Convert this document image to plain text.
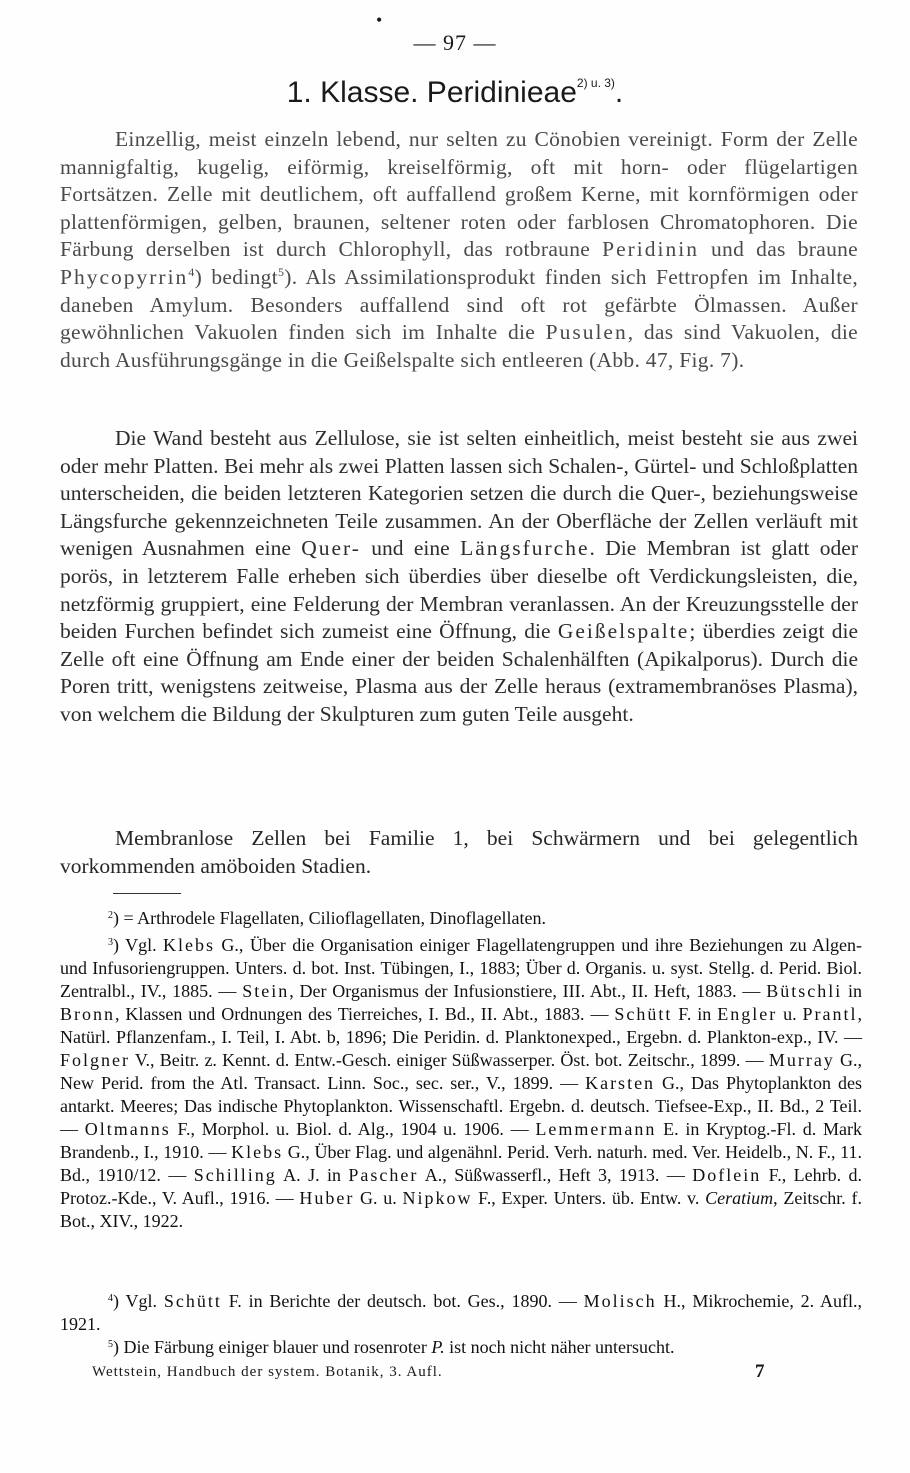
•
— 97 —
1. Klasse. Peridinieae$^{2) u. 3)}$.

Einzellig, meist einzeln lebend, nur selten zu Cönobien vereinigt. Form der Zelle mannigfaltig, kugelig, eiförmig, kreiselförmig, oft mit horn- oder flügelartigen Fortsätzen. Zelle mit deutlichem, oft auffallend großem Kerne, mit kornförmigen oder plattenförmigen, gelben, braunen, seltener roten oder farblosen Chromatophoren. Die Färbung derselben ist durch Chlorophyll, das rotbraune Peridinin und das braune Phycopyrrin$^4$) bedingt$^5$). Als Assimilationsprodukt finden sich Fettropfen im Inhalte, daneben Amylum. Besonders auffallend sind oft rot gefärbte Ölmassen. Außer gewöhnlichen Vakuolen finden sich im Inhalte die Pusulen, das sind Vakuolen, die durch Ausführungsgänge in die Geißelspalte sich entleeren (Abb. 47, Fig. 7).

Die Wand besteht aus Zellulose, sie ist selten einheitlich, meist besteht sie aus zwei oder mehr Platten. Bei mehr als zwei Platten lassen sich Schalen-, Gürtel- und Schloßplatten unterscheiden, die beiden letzteren Kategorien setzen die durch die Quer-, beziehungsweise Längsfurche gekennzeichneten Teile zusammen. An der Oberfläche der Zellen verläuft mit wenigen Ausnahmen eine Quer- und eine Längsfurche. Die Membran ist glatt oder porös, in letzterem Falle erheben sich überdies über dieselbe oft Verdickungsleisten, die, netzförmig gruppiert, eine Felderung der Membran veranlassen. An der Kreuzungsstelle der beiden Furchen befindet sich zumeist eine Öffnung, die Geißelspalte; überdies zeigt die Zelle oft eine Öffnung am Ende einer der beiden Schalenhälften (Apikalporus). Durch die Poren tritt, wenigstens zeitweise, Plasma aus der Zelle heraus (extramembranöses Plasma), von welchem die Bildung der Skulpturen zum guten Teile ausgeht.

Membranlose Zellen bei Familie 1, bei Schwärmern und bei gelegentlich vorkommenden amöboiden Stadien.

$^2$) = Arthrodele Flagellaten, Cilioflagellaten, Dinoflagellaten.

$^3$) Vgl. Klebs G., Über die Organisation einiger Flagellatengruppen und ihre Beziehungen zu Algen- und Infusoriengruppen. Unters. d. bot. Inst. Tübingen, I., 1883; Über d. Organis. u. syst. Stellg. d. Perid. Biol. Zentralbl., IV., 1885. — Stein, Der Organismus der Infusionstiere, III. Abt., II. Heft, 1883. — Bütschli in Bronn, Klassen und Ordnungen des Tierreiches, I. Bd., II. Abt., 1883. — Schütt F. in Engler u. Prantl, Natürl. Pflanzenfam., I. Teil, I. Abt. b, 1896; Die Peridin. d. Planktonexped., Ergebn. d. Plankton-exp., IV. — Folgner V., Beitr. z. Kennt. d. Entw.-Gesch. einiger Süßwasserper. Öst. bot. Zeitschr., 1899. — Murray G., New Perid. from the Atl. Transact. Linn. Soc., sec. ser., V., 1899. — Karsten G., Das Phytoplankton des antarkt. Meeres; Das indische Phytoplankton. Wissenschaftl. Ergebn. d. deutsch. Tiefsee-Exp., II. Bd., 2 Teil. — Oltmanns F., Morphol. u. Biol. d. Alg., 1904 u. 1906. — Lemmermann E. in Kryptog.-Fl. d. Mark Brandenb., I., 1910. — Klebs G., Über Flag. und algenähnl. Perid. Verh. naturh. med. Ver. Heidelb., N. F., 11. Bd., 1910/12. — Schilling A. J. in Pascher A., Süßwasserfl., Heft 3, 1913. — Doflein F., Lehrb. d. Protoz.-Kde., V. Aufl., 1916. — Huber G. u. Nipkow F., Exper. Unters. üb. Entw. v. Ceratium, Zeitschr. f. Bot., XIV., 1922.

$^4$) Vgl. Schütt F. in Berichte der deutsch. bot. Ges., 1890. — Molisch H., Mikrochemie, 2. Aufl., 1921.

$^5$) Die Färbung einiger blauer und rosenroter P. ist noch nicht näher untersucht.

Wettstein, Handbuch der system. Botanik, 3. Aufl.	7
